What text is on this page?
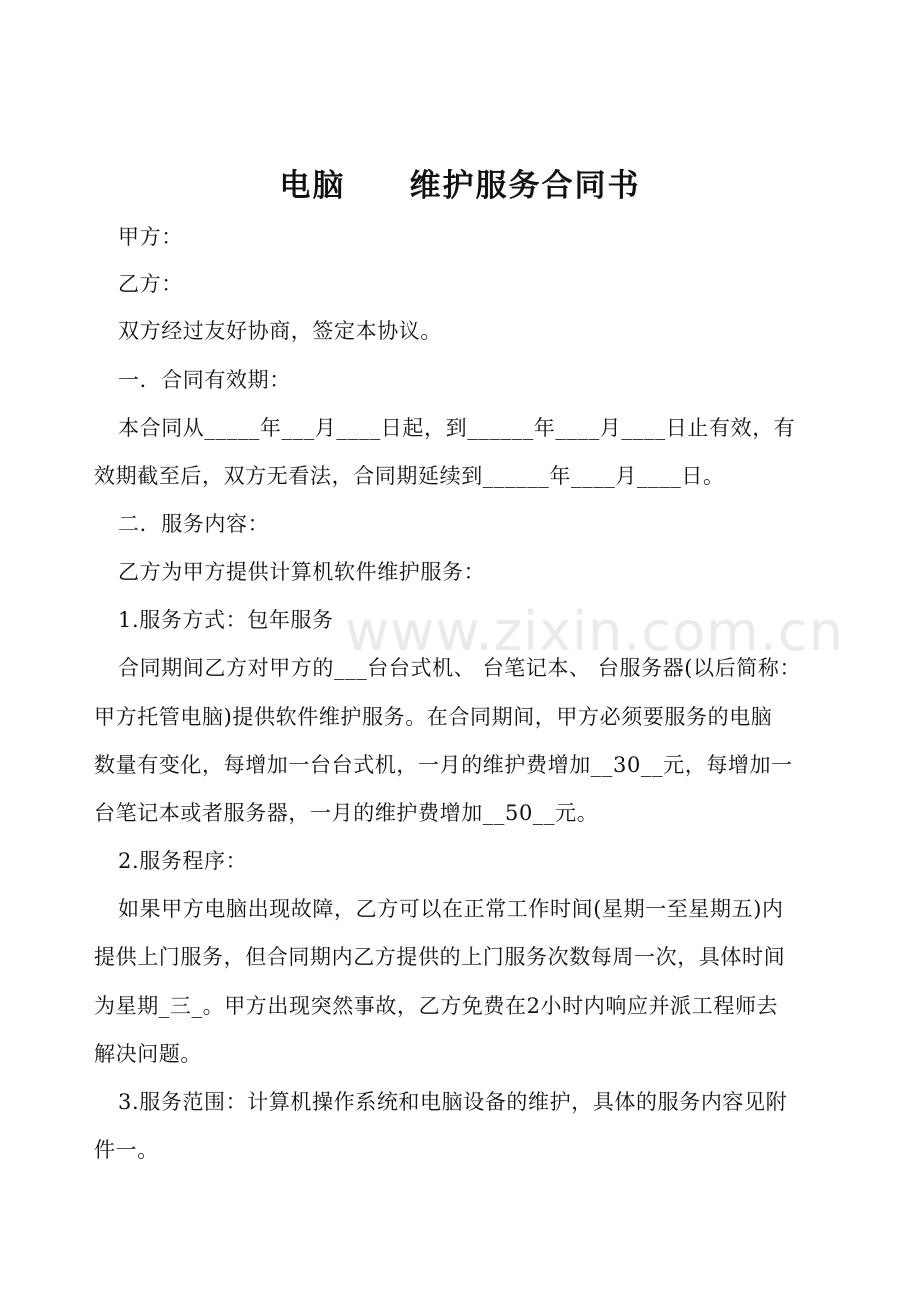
电脑     维护服务合同书

甲方：

乙方：

双方经过友好协商，签定本协议。

一．合同有效期：

本合同从_____年___月____日起，到______年____月____日止有效，有

效期截至后，双方无看法，合同期延续到______年____月____日。

二．服务内容：

乙方为甲方提供计算机软件维护服务：

1.服务方式：包年服务

合同期间乙方对甲方的___台台式机、 台笔记本、 台服务器(以后简称：

甲方托管电脑)提供软件维护服务。在合同期间，甲方必须要服务的电脑

数量有变化，每增加一台台式机，一月的维护费增加__30__元，每增加一

台笔记本或者服务器，一月的维护费增加__50__元。

2.服务程序：

如果甲方电脑出现故障，乙方可以在正常工作时间(星期一至星期五)内

提供上门服务，但合同期内乙方提供的上门服务次数每周一次，具体时间

为星期_三_。甲方出现突然事故，乙方免费在2小时内响应并派工程师去

解决问题。

3.服务范围：计算机操作系统和电脑设备的维护，具体的服务内容见附

件一。

www.zixin.com.cn
